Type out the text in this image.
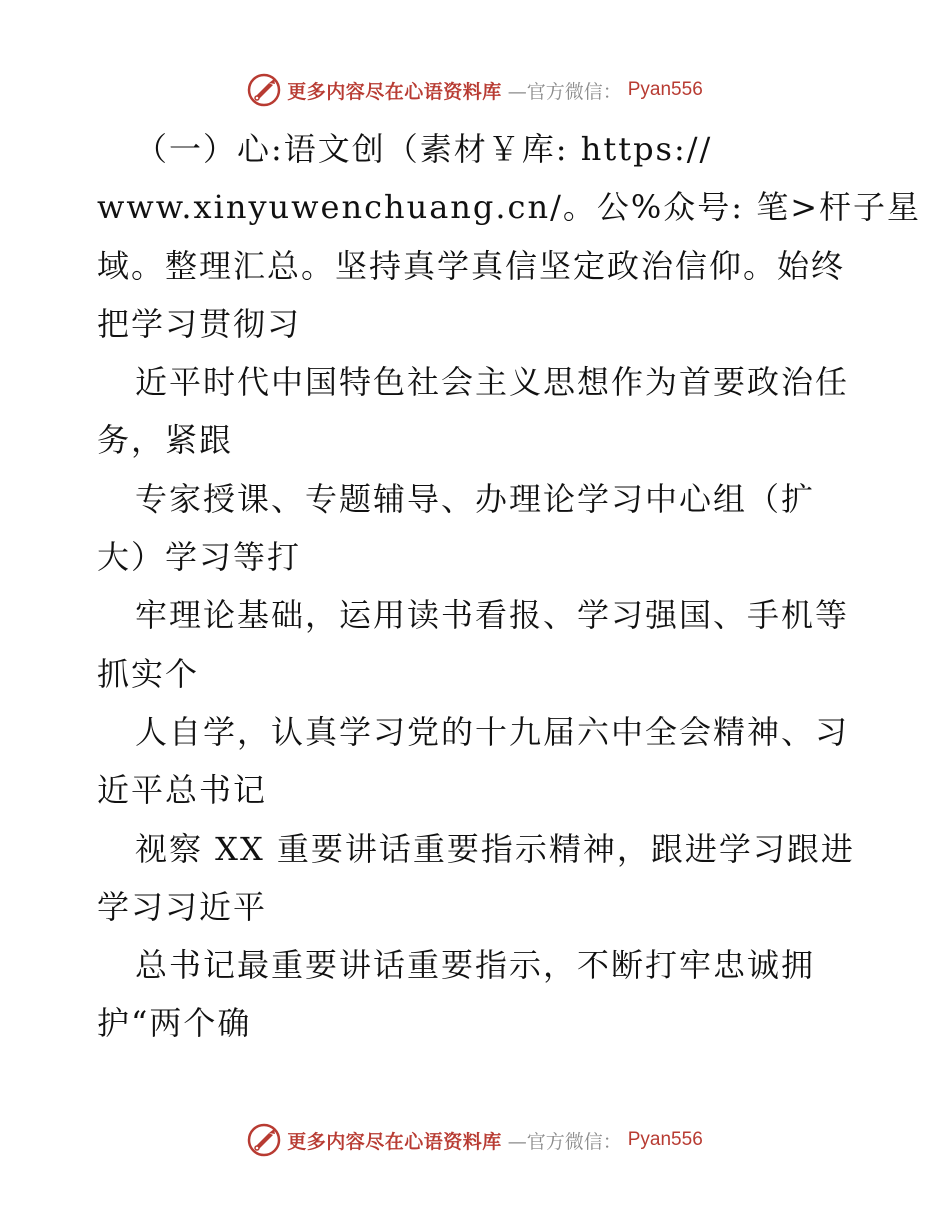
更多内容尽在心语资料库 —官方微信： Pyan556
（一）心:语文创（素材￥库: https://
www.xinyuwenchuang.cn/。公%众号: 笔>杆子星
域。整理汇总。坚持真学真信坚定政治信仰。始终
把学习贯彻习
近平时代中国特色社会主义思想作为首要政治任
务，紧跟
专家授课、专题辅导、办理论学习中心组（扩
大）学习等打
牢理论基础，运用读书看报、学习强国、手机等
抓实个
人自学，认真学习党的十九届六中全会精神、习
近平总书记
视察 XX 重要讲话重要指示精神，跟进学习跟进
学习习近平
总书记最重要讲话重要指示，不断打牢忠诚拥
护“两个确
更多内容尽在心语资料库 —官方微信： Pyan556
